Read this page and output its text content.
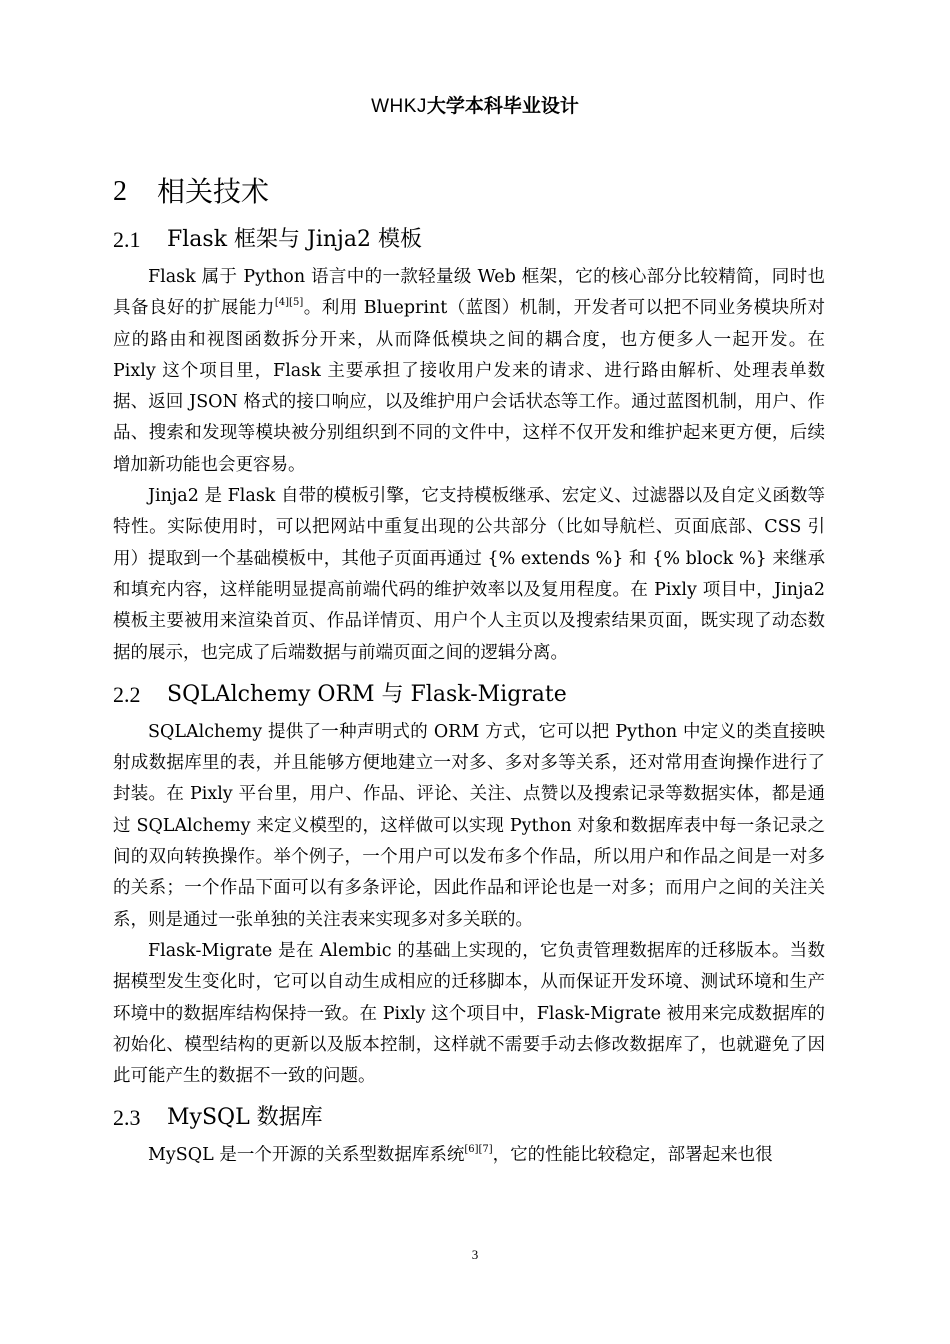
WHKJ大学本科毕业设计
2	相关技术
2.1	Flask 框架与 Jinja2 模板

Flask 属于 Python 语言中的一款轻量级 Web 框架，它的核心部分比较精简，同时也具备良好的扩展能力[4][5]。利用 Blueprint（蓝图）机制，开发者可以把不同业务模块所对应的路由和视图函数拆分开来，从而降低模块之间的耦合度，也方便多人一起开发。在 Pixly 这个项目里，Flask 主要承担了接收用户发来的请求、进行路由解析、处理表单数据、返回 JSON 格式的接口响应，以及维护用户会话状态等工作。通过蓝图机制，用户、作品、搜索和发现等模块被分别组织到不同的文件中，这样不仅开发和维护起来更方便，后续增加新功能也会更容易。

Jinja2 是 Flask 自带的模板引擎，它支持模板继承、宏定义、过滤器以及自定义函数等特性。实际使用时，可以把网站中重复出现的公共部分（比如导航栏、页面底部、CSS 引用）提取到一个基础模板中，其他子页面再通过 {% extends %} 和 {% block %} 来继承和填充内容，这样能明显提高前端代码的维护效率以及复用程度。在 Pixly 项目中，Jinja2 模板主要被用来渲染首页、作品详情页、用户个人主页以及搜索结果页面，既实现了动态数据的展示，也完成了后端数据与前端页面之间的逻辑分离。

2.2	SQLAlchemy ORM 与 Flask-Migrate

SQLAlchemy 提供了一种声明式的 ORM 方式，它可以把 Python 中定义的类直接映射成数据库里的表，并且能够方便地建立一对多、多对多等关系，还对常用查询操作进行了封装。在 Pixly 平台里，用户、作品、评论、关注、点赞以及搜索记录等数据实体，都是通过 SQLAlchemy 来定义模型的，这样做可以实现 Python 对象和数据库表中每一条记录之间的双向转换操作。举个例子，一个用户可以发布多个作品，所以用户和作品之间是一对多的关系；一个作品下面可以有多条评论，因此作品和评论也是一对多；而用户之间的关注关系，则是通过一张单独的关注表来实现多对多关联的。

Flask-Migrate 是在 Alembic 的基础上实现的，它负责管理数据库的迁移版本。当数据模型发生变化时，它可以自动生成相应的迁移脚本，从而保证开发环境、测试环境和生产环境中的数据库结构保持一致。在 Pixly 这个项目中，Flask-Migrate 被用来完成数据库的初始化、模型结构的更新以及版本控制，这样就不需要手动去修改数据库了，也就避免了因此可能产生的数据不一致的问题。

2.3	MySQL 数据库

MySQL 是一个开源的关系型数据库系统[6][7]，它的性能比较稳定，部署起来也很

3
